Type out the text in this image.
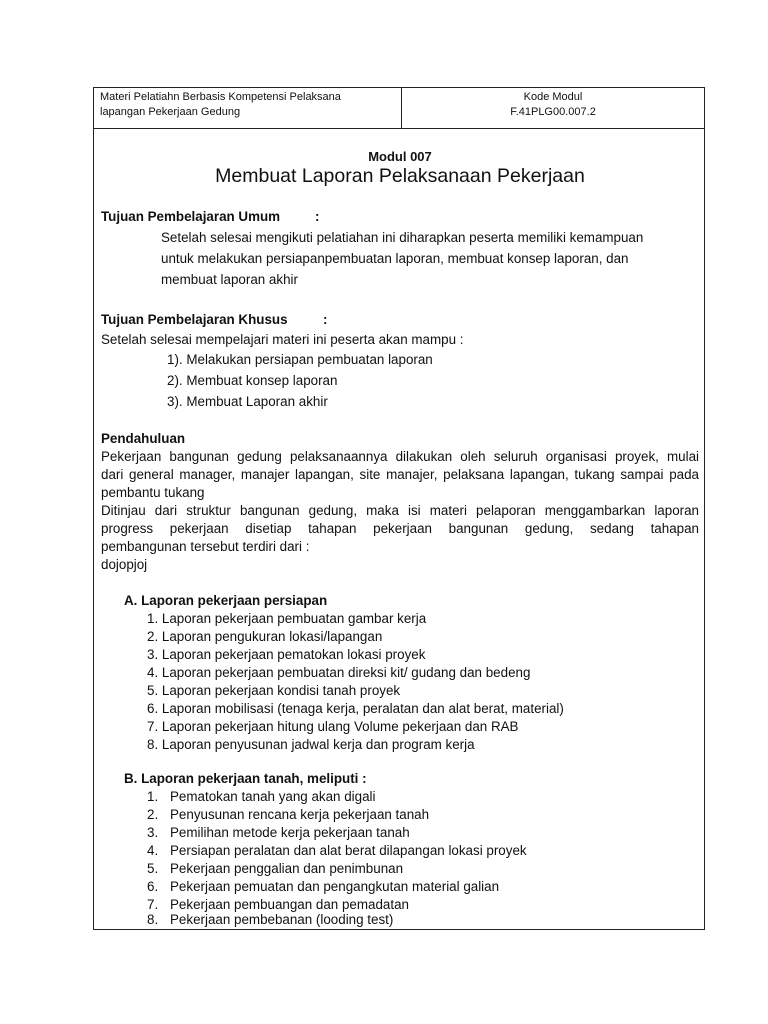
Materi Pelatiahn Berbasis Kompetensi Pelaksana
lapangan Pekerjaan Gedung
Kode Modul
F.41PLG00.007.2
Modul 007
Membuat Laporan Pelaksanaan Pekerjaan
Tujuan Pembelajaran Umum	:
Setelah selesai mengikuti pelatiahan ini diharapkan peserta memiliki kemampuan
untuk melakukan persiapanpembuatan laporan, membuat konsep laporan, dan
membuat laporan akhir
Tujuan Pembelajaran Khusus	:
Setelah selesai mempelajari materi ini peserta akan mampu :
1). Melakukan persiapan pembuatan laporan
2). Membuat konsep laporan
3). Membuat Laporan akhir
Pendahuluan
Pekerjaan bangunan gedung pelaksanaannya dilakukan oleh seluruh organisasi proyek, mulai
dari general manager, manajer lapangan, site manajer, pelaksana lapangan, tukang sampai pada
pembantu tukang
Ditinjau dari struktur bangunan gedung, maka isi materi pelaporan menggambarkan laporan
progress pekerjaan disetiap tahapan pekerjaan bangunan gedung, sedang tahapan
pembangunan tersebut terdiri dari :
dojopjoj
A. Laporan pekerjaan persiapan
1. Laporan pekerjaan pembuatan gambar kerja
2. Laporan pengukuran lokasi/lapangan
3. Laporan pekerjaan pematokan lokasi proyek
4. Laporan pekerjaan pembuatan direksi kit/ gudang dan bedeng
5. Laporan pekerjaan kondisi tanah proyek
6. Laporan mobilisasi (tenaga kerja, peralatan dan alat berat, material)
7. Laporan pekerjaan hitung ulang Volume pekerjaan dan RAB
8. Laporan penyusunan jadwal kerja dan program kerja
B. Laporan pekerjaan tanah, meliputi :
1. Pematokan tanah yang akan digali
2. Penyusunan rencana kerja pekerjaan tanah
3. Pemilihan metode kerja pekerjaan tanah
4. Persiapan peralatan dan alat berat dilapangan lokasi proyek
5. Pekerjaan penggalian dan penimbunan
6. Pekerjaan pemuatan dan pengangkutan material galian
7. Pekerjaan pembuangan dan pemadatan
8. Pekerjaan pembebanan (looding test)
